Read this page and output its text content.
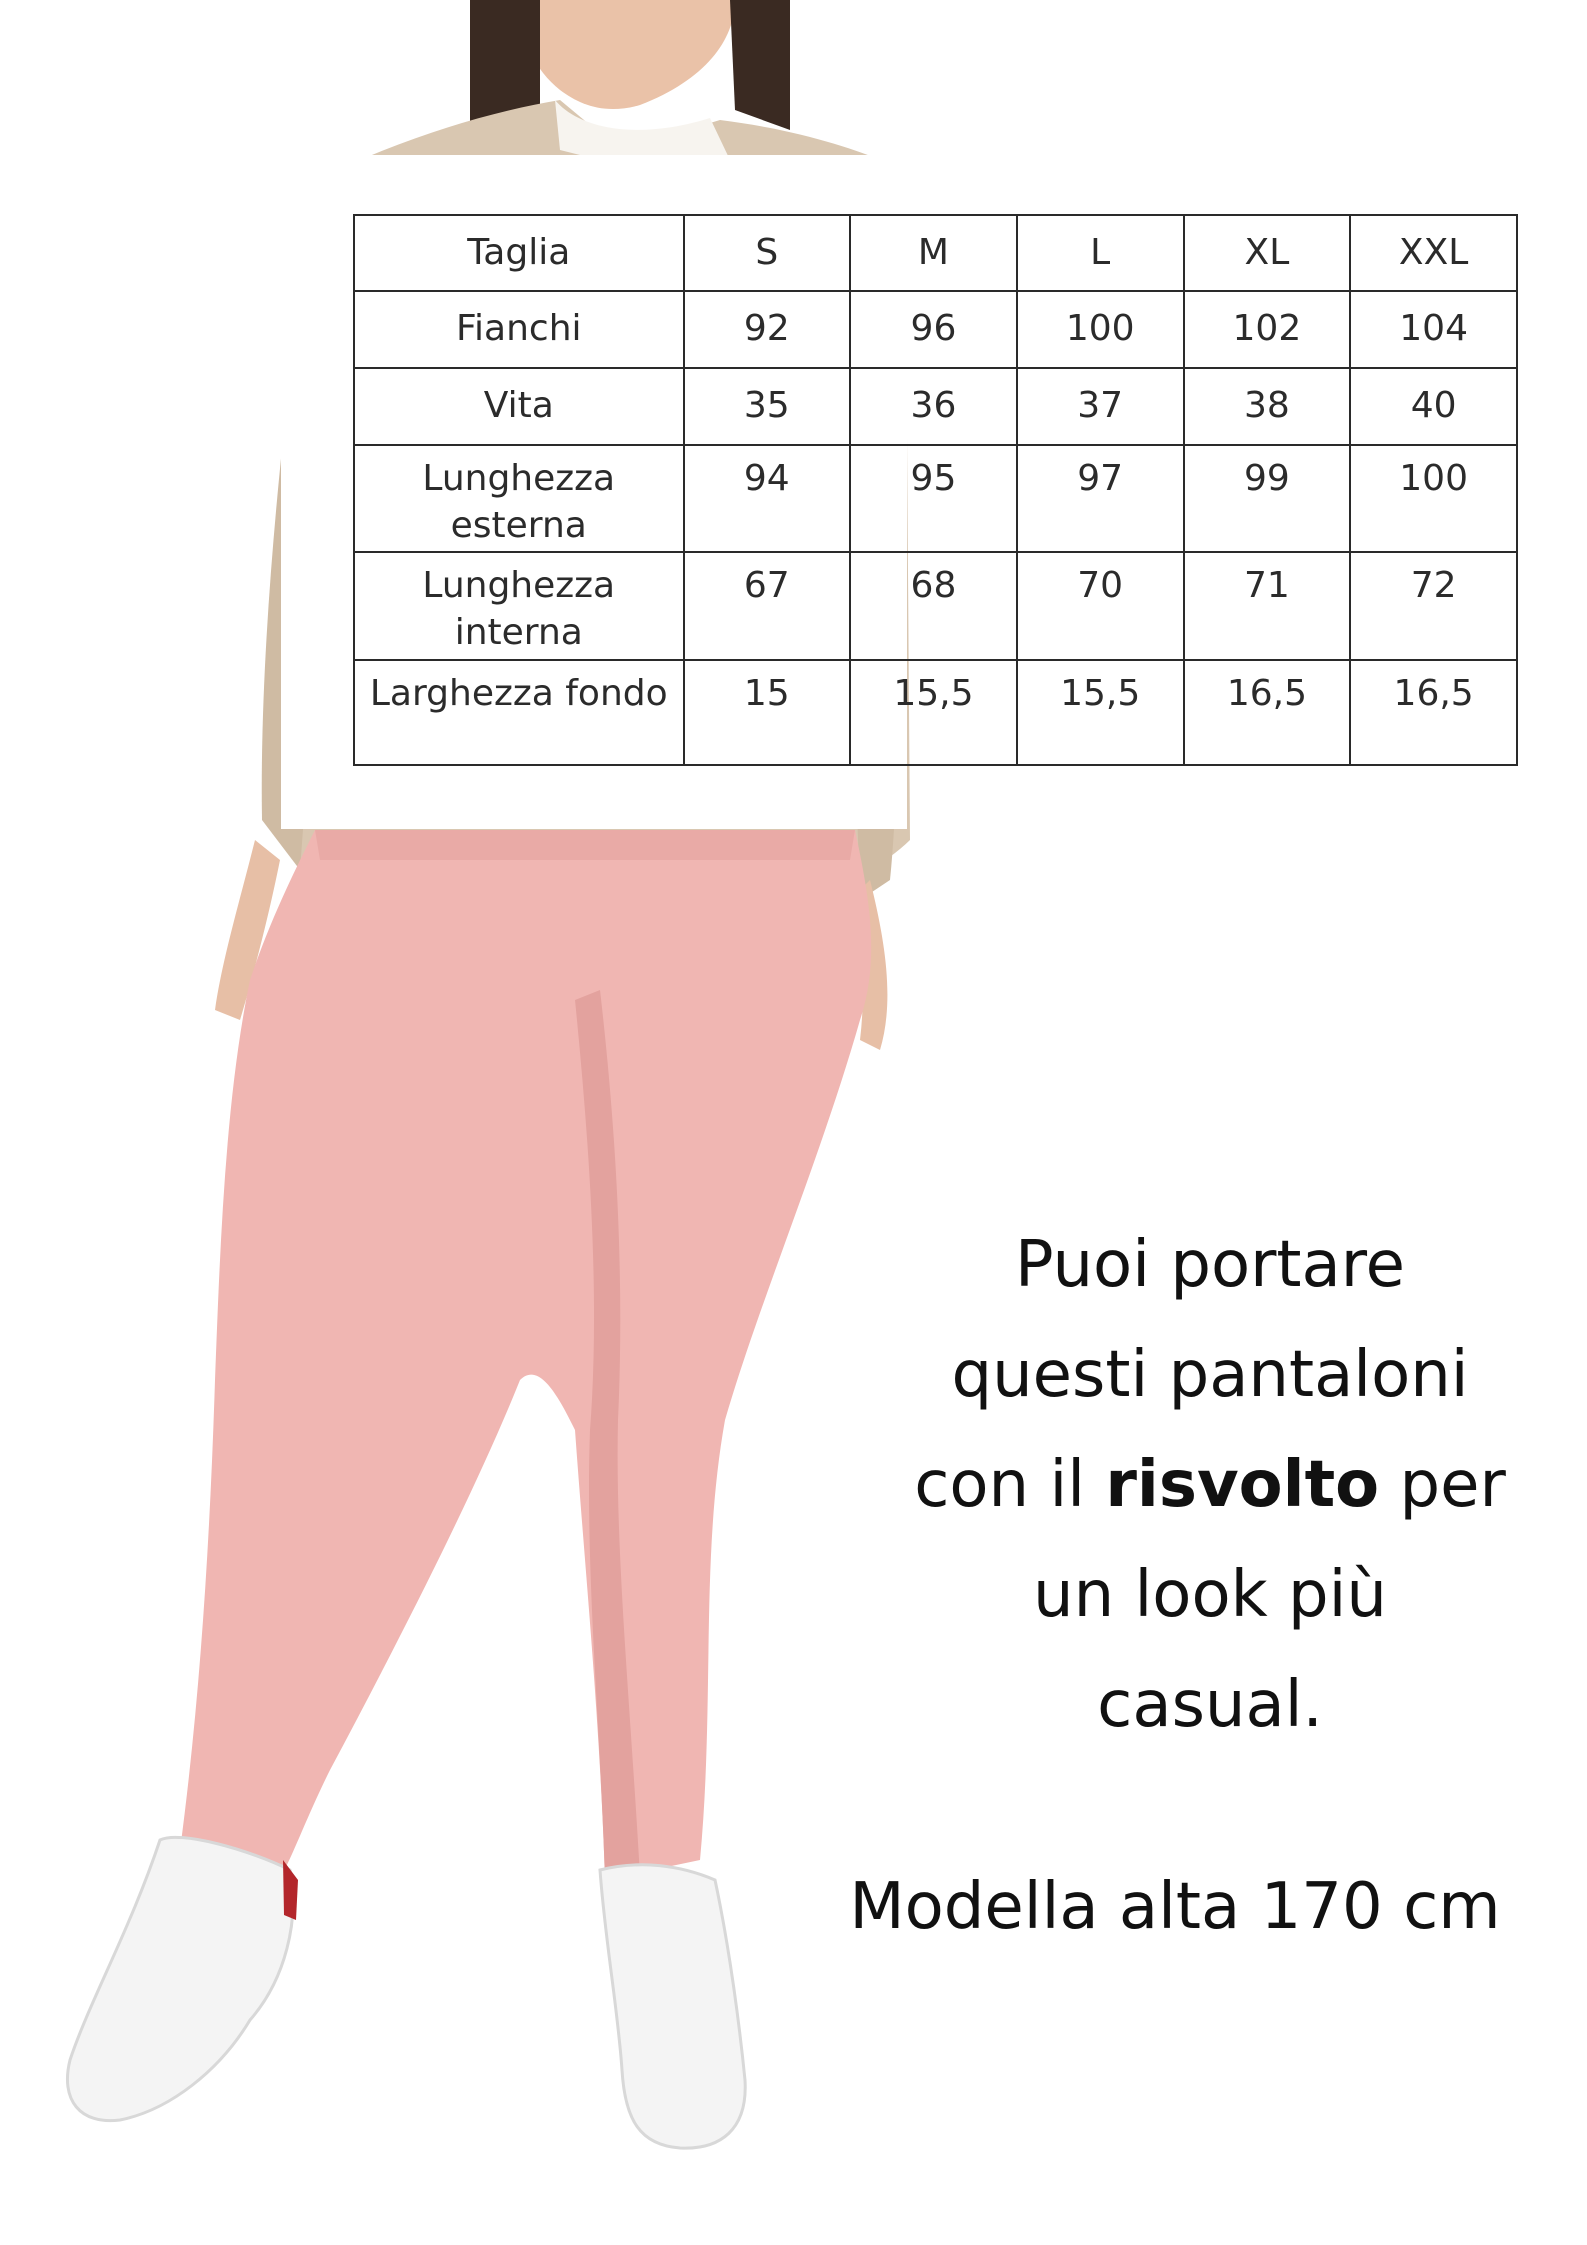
Taglia	S	M	L	XL	XXL
Fianchi	92	96	100	102	104
Vita	35	36	37	38	40
Lunghezza esterna	94	95	97	99	100
Lunghezza interna	67	68	70	71	72
Larghezza fondo	15	15,5	15,5	16,5	16,5
Puoi portare
questi pantaloni
con il risvolto per
un look più
casual.
Modella alta 170 cm
